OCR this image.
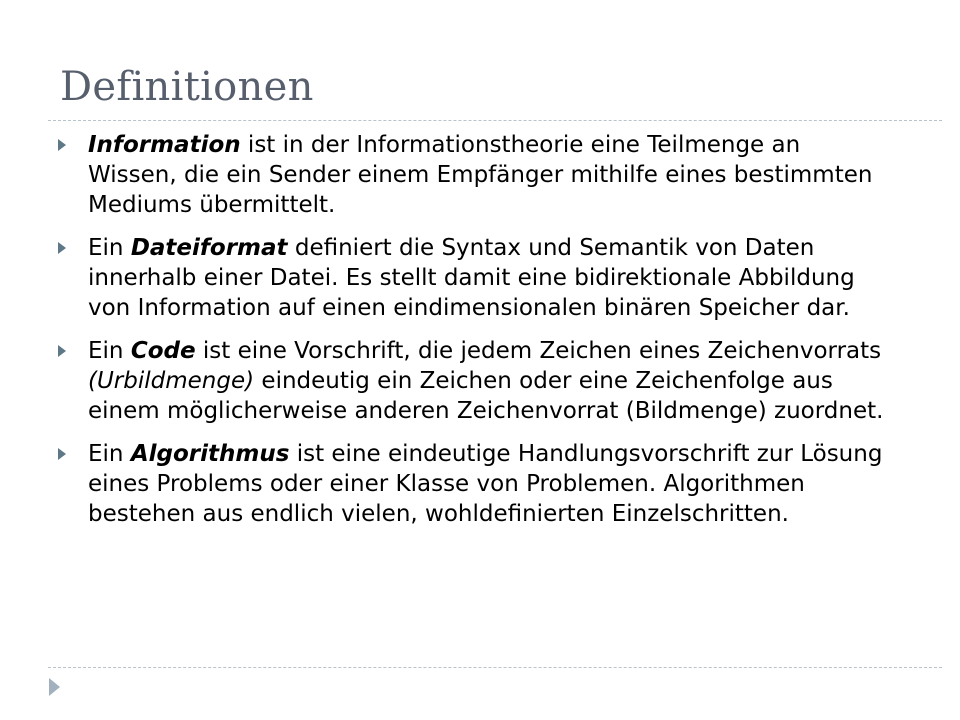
Definitionen
Information ist in der Informationstheorie eine Teilmenge an Wissen, die ein Sender einem Empfänger mithilfe eines bestimmten Mediums übermittelt.
Ein Dateiformat definiert die Syntax und Semantik von Daten innerhalb einer Datei. Es stellt damit eine bidirektionale Abbildung von Information auf einen eindimensionalen binären Speicher dar.
Ein Code ist eine Vorschrift, die jedem Zeichen eines Zeichenvorrats (Urbildmenge) eindeutig ein Zeichen oder eine Zeichenfolge aus einem möglicherweise anderen Zeichenvorrat (Bildmenge) zuordnet.
Ein Algorithmus ist eine eindeutige Handlungsvorschrift zur Lösung eines Problems oder einer Klasse von Problemen. Algorithmen bestehen aus endlich vielen, wohldefinierten Einzelschritten.
